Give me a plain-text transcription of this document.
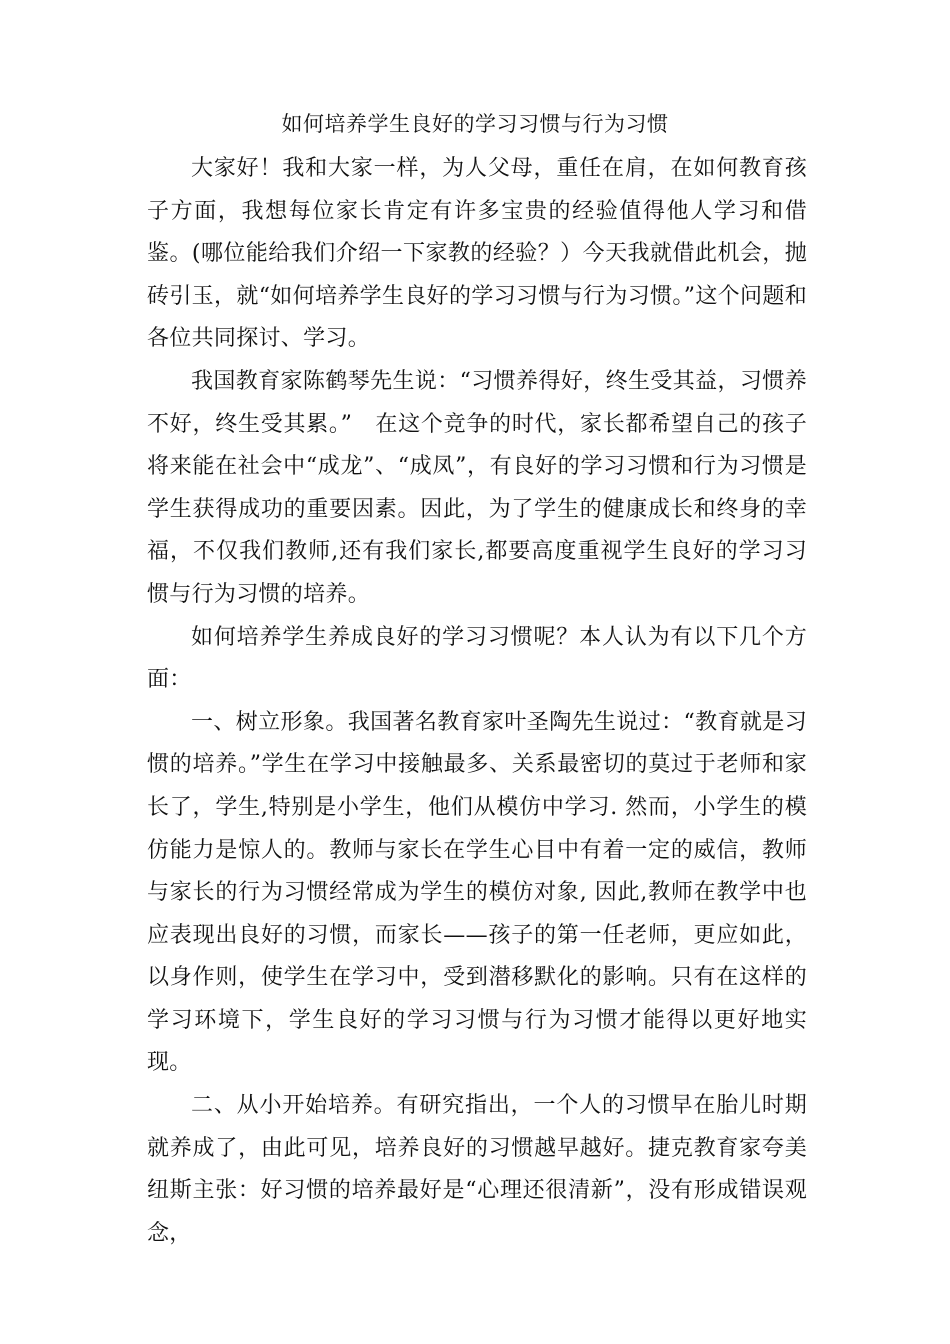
如何培养学生良好的学习习惯与行为习惯

大家好！我和大家一样，为人父母，重任在肩，在如何教育孩子方面，我想每位家长肯定有许多宝贵的经验值得他人学习和借鉴。(哪位能给我们介绍一下家教的经验？）今天我就借此机会，抛砖引玉，就“如何培养学生良好的学习习惯与行为习惯。”这个问题和各位共同探讨、学习。

我国教育家陈鹤琴先生说：“习惯养得好，终生受其益，习惯养不好，终生受其累。”　在这个竞争的时代，家长都希望自己的孩子将来能在社会中“成龙”、“成凤”，有良好的学习习惯和行为习惯是学生获得成功的重要因素。因此，为了学生的健康成长和终身的幸福，不仅我们教师,还有我们家长,都要高度重视学生良好的学习习惯与行为习惯的培养。

如何培养学生养成良好的学习习惯呢？本人认为有以下几个方面：

一、树立形象。我国著名教育家叶圣陶先生说过：“教育就是习惯的培养。”学生在学习中接触最多、关系最密切的莫过于老师和家长了，学生,特别是小学生，他们从模仿中学习. 然而，小学生的模仿能力是惊人的。教师与家长在学生心目中有着一定的威信，教师与家长的行为习惯经常成为学生的模仿对象, 因此,教师在教学中也应表现出良好的习惯，而家长——孩子的第一任老师，更应如此，以身作则，使学生在学习中，受到潜移默化的影响。只有在这样的学习环境下，学生良好的学习习惯与行为习惯才能得以更好地实现。

二、从小开始培养。有研究指出，一个人的习惯早在胎儿时期就养成了，由此可见，培养良好的习惯越早越好。捷克教育家夸美纽斯主张：好习惯的培养最好是“心理还很清新”，没有形成错误观念，
